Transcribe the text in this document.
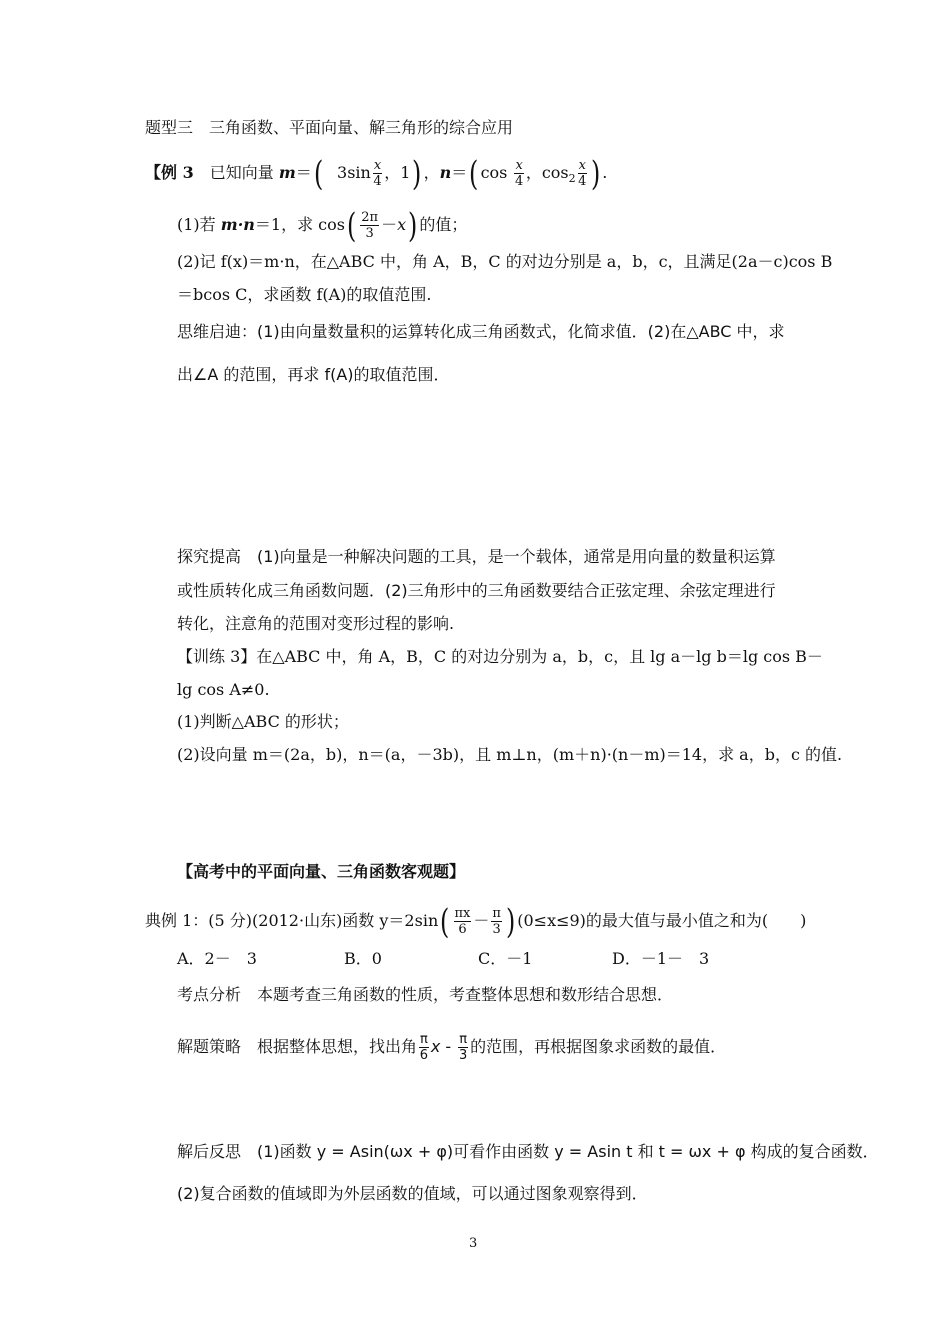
题型三　三角函数、平面向量、解三角形的综合应用
【例 3　已知向量 m＝( $3\sin \frac{x}{4}$ ，1) ，n＝( $\cos \frac{x}{4}$ ，$\cos_2 \frac{x}{4}$ ) .
(1)若 m·n＝1，求 $\cos( \frac{2\pi}{3} -x)$ 的值；
(2)记 f(x)＝m·n，在△ABC 中，角 A，B，C 的对边分别是 a，b，c，且满足(2a－c)cos B
＝bcos C，求函数 f(A)的取值范围.
思维启迪：(1)由向量数量积的运算转化成三角函数式，化简求值．(2)在△ABC 中，求
出∠A 的范围，再求 f(A)的取值范围．
探究提高　(1)向量是一种解决问题的工具，是一个载体，通常是用向量的数量积运算
或性质转化成三角函数问题．(2)三角形中的三角函数要结合正弦定理、余弦定理进行
转化，注意角的范围对变形过程的影响.
【训练 3】在△ABC 中，角 A，B，C 的对边分别为 a，b，c，且 lg a－lg b＝lg cos B－
lg cos A≠0.
(1)判断△ABC 的形状；
(2)设向量 m＝(2a，b)，n＝(a，－3b)，且 m⊥n，(m＋n)·(n－m)＝14，求 a，b，c 的值.
【高考中的平面向量、三角函数客观题】
典例 1：(5 分)(2012·山东)函数 $y=2\sin( \frac{\pi x}{6} - \frac{\pi}{3}$ ) (0≤x≤9)的最大值与最小值之和为(　　)
A．2－　3	B．0	C．－1	D．－1－　3
考点分析　本题考查三角函数的性质，考查整体思想和数形结合思想．
解题策略　根据整体思想，找出角 $\frac{\pi}{6}$ x - $\frac{\pi}{3}$ 的范围，再根据图象求函数的最值．
解后反思　(1)函数 y = Asin(ωx + φ)可看作由函数 y = Asin t 和 t = ωx + φ 构成的复合函数．
(2)复合函数的值域即为外层函数的值域，可以通过图象观察得到．
3
